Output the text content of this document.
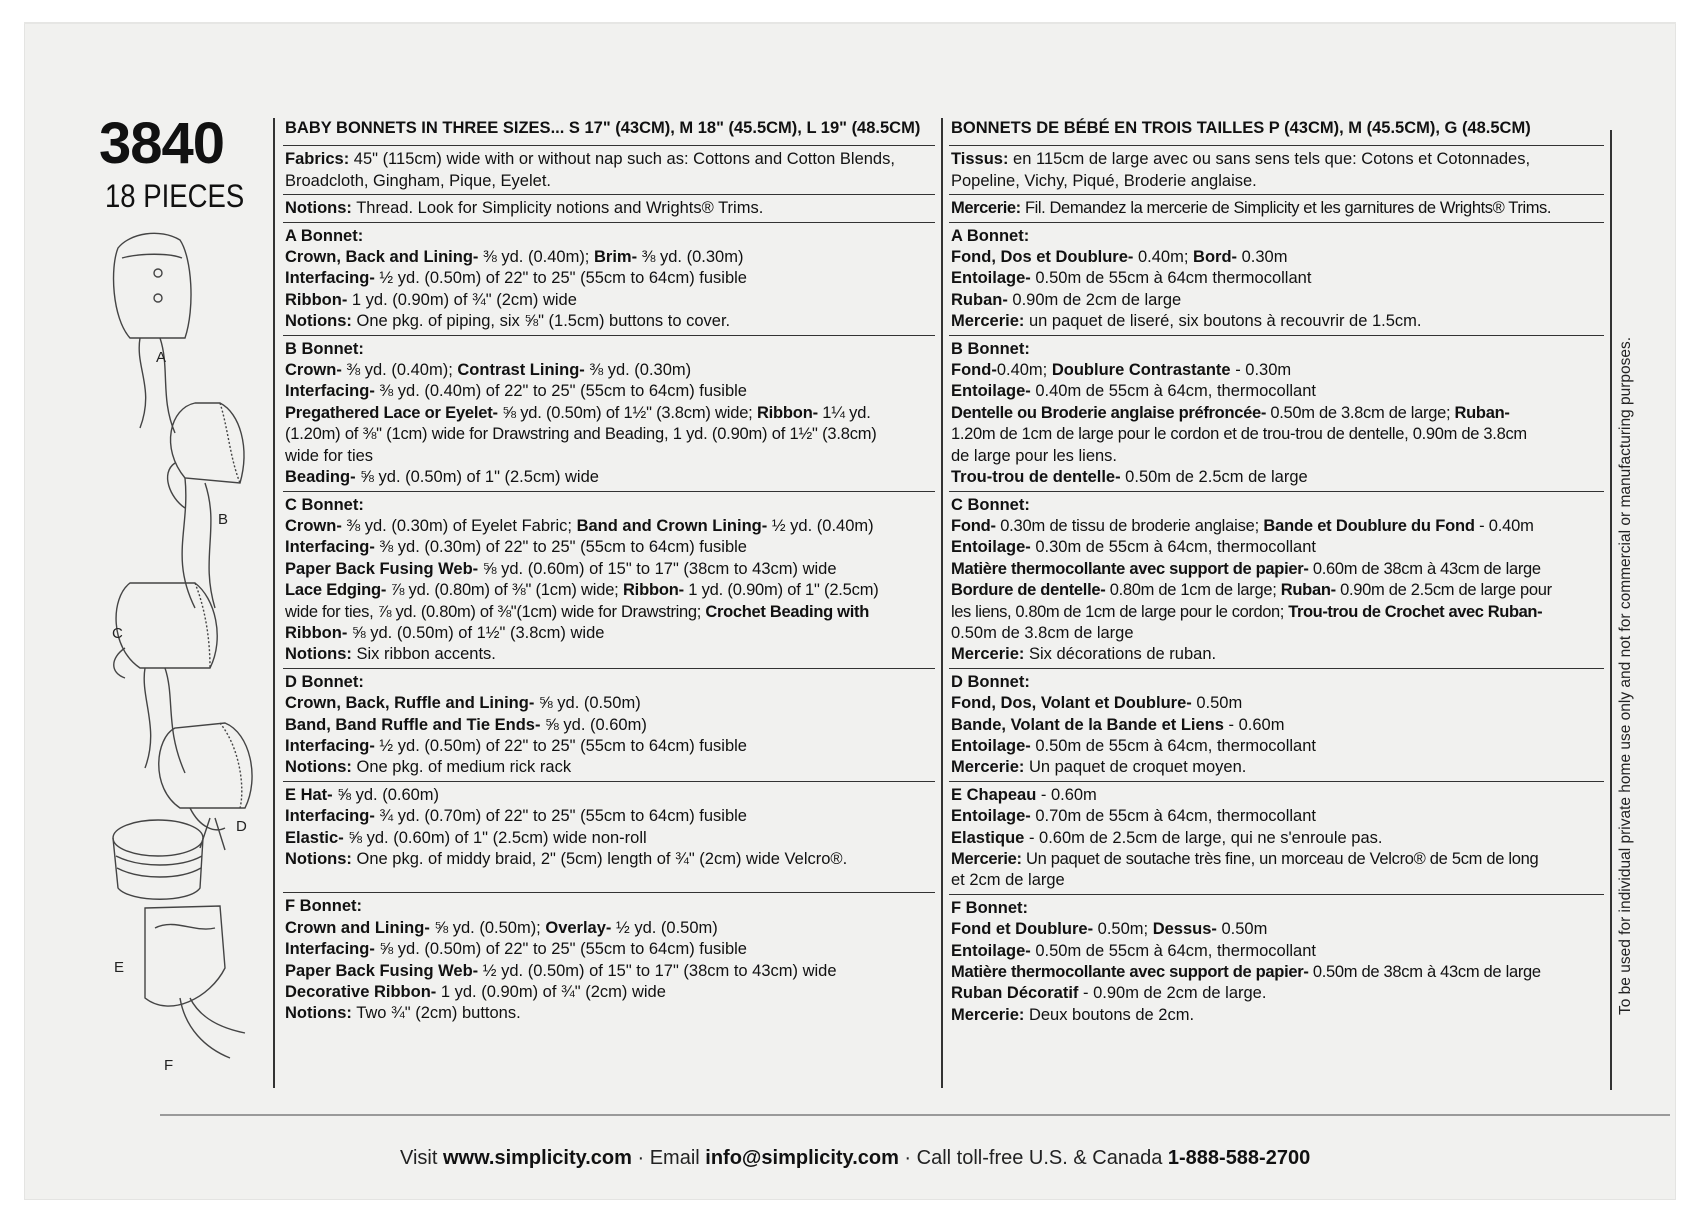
3840
18 PIECES
A
B
C
D
E
F
BABY BONNETS IN THREE SIZES... S 17" (43CM), M 18" (45.5CM), L 19" (48.5CM)
Fabrics: 45" (115cm) wide with or without nap such as: Cottons and Cotton Blends,
Broadcloth, Gingham, Pique, Eyelet.
Notions: Thread. Look for Simplicity notions and Wrights® Trims.
A Bonnet:
Crown, Back and Lining- ⅜ yd. (0.40m); Brim- ⅜ yd. (0.30m)
Interfacing- ½ yd. (0.50m) of 22" to 25" (55cm to 64cm) fusible
Ribbon- 1 yd. (0.90m) of ¾" (2cm) wide
Notions: One pkg. of piping, six ⅝" (1.5cm) buttons to cover.
B Bonnet:
Crown- ⅜ yd. (0.40m); Contrast Lining- ⅜ yd. (0.30m)
Interfacing- ⅜ yd. (0.40m) of 22" to 25" (55cm to 64cm) fusible
Pregathered Lace or Eyelet- ⅝ yd. (0.50m) of 1½" (3.8cm) wide; Ribbon- 1¼ yd.
(1.20m) of ⅜" (1cm) wide for Drawstring and Beading, 1 yd. (0.90m) of 1½" (3.8cm)
wide for ties
Beading- ⅝ yd. (0.50m) of 1" (2.5cm) wide
C Bonnet:
Crown- ⅜ yd. (0.30m) of Eyelet Fabric; Band and Crown Lining- ½ yd. (0.40m)
Interfacing- ⅜ yd. (0.30m) of 22" to 25" (55cm to 64cm) fusible
Paper Back Fusing Web- ⅝ yd. (0.60m) of 15" to 17" (38cm to 43cm) wide
Lace Edging- ⅞ yd. (0.80m) of ⅜" (1cm) wide; Ribbon- 1 yd. (0.90m) of 1" (2.5cm)
wide for ties, ⅞ yd. (0.80m) of ⅜"(1cm) wide for Drawstring; Crochet Beading with
Ribbon- ⅝ yd. (0.50m) of 1½" (3.8cm) wide
Notions: Six ribbon accents.
D Bonnet:
Crown, Back, Ruffle and Lining- ⅝ yd. (0.50m)
Band, Band Ruffle and Tie Ends- ⅝ yd. (0.60m)
Interfacing- ½ yd. (0.50m) of 22" to 25" (55cm to 64cm) fusible
Notions: One pkg. of medium rick rack
E Hat- ⅝ yd. (0.60m)
Interfacing- ¾ yd. (0.70m) of 22" to 25" (55cm to 64cm) fusible
Elastic- ⅝ yd. (0.60m) of 1" (2.5cm) wide non-roll
Notions: One pkg. of middy braid, 2" (5cm) length of ¾" (2cm) wide Velcro®.
F Bonnet:
Crown and Lining- ⅝ yd. (0.50m); Overlay- ½ yd. (0.50m)
Interfacing- ⅝ yd. (0.50m) of 22" to 25" (55cm to 64cm) fusible
Paper Back Fusing Web- ½ yd. (0.50m) of 15" to 17" (38cm to 43cm) wide
Decorative Ribbon- 1 yd. (0.90m) of ¾" (2cm) wide
Notions: Two ¾" (2cm) buttons.
BONNETS DE BÉBÉ EN TROIS TAILLES P (43CM), M (45.5CM), G (48.5CM)
Tissus: en 115cm de large avec ou sans sens tels que: Cotons et Cotonnades,
Popeline, Vichy, Piqué, Broderie anglaise.
Mercerie: Fil. Demandez la mercerie de Simplicity et les garnitures de Wrights® Trims.
A Bonnet:
Fond, Dos et Doublure- 0.40m; Bord- 0.30m
Entoilage- 0.50m de 55cm à 64cm thermocollant
Ruban- 0.90m de 2cm de large
Mercerie: un paquet de liseré, six boutons à recouvrir de 1.5cm.
B Bonnet:
Fond-0.40m; Doublure Contrastante - 0.30m
Entoilage- 0.40m de 55cm à 64cm, thermocollant
Dentelle ou Broderie anglaise préfroncée- 0.50m de 3.8cm de large; Ruban-
1.20m de 1cm de large pour le cordon et de trou-trou de dentelle, 0.90m de 3.8cm
de large pour les liens.
Trou-trou de dentelle- 0.50m de 2.5cm de large
C Bonnet:
Fond- 0.30m de tissu de broderie anglaise; Bande et Doublure du Fond - 0.40m
Entoilage- 0.30m de 55cm à 64cm, thermocollant
Matière thermocollante avec support de papier- 0.60m de 38cm à 43cm de large
Bordure de dentelle- 0.80m de 1cm de large; Ruban- 0.90m de 2.5cm de large pour
les liens, 0.80m de 1cm de large pour le cordon; Trou-trou de Crochet avec Ruban-
0.50m de 3.8cm de large
Mercerie: Six décorations de ruban.
D Bonnet:
Fond, Dos, Volant et Doublure- 0.50m
Bande, Volant de la Bande et Liens - 0.60m
Entoilage- 0.50m de 55cm à 64cm, thermocollant
Mercerie: Un paquet de croquet moyen.
E Chapeau - 0.60m
Entoilage- 0.70m de 55cm à 64cm, thermocollant
Elastique - 0.60m de 2.5cm de large, qui ne s'enroule pas.
Mercerie: Un paquet de soutache très fine, un morceau de Velcro® de 5cm de long
et 2cm de large
F Bonnet:
Fond et Doublure- 0.50m; Dessus- 0.50m
Entoilage- 0.50m de 55cm à 64cm, thermocollant
Matière thermocollante avec support de papier- 0.50m de 38cm à 43cm de large
Ruban Décoratif - 0.90m de 2cm de large.
Mercerie: Deux boutons de 2cm.	To be used for individual private home use only and not for commercial or manufacturing purposes.
Visit www.simplicity.com · Email info@simplicity.com · Call toll-free U.S. & Canada 1-888-588-2700
